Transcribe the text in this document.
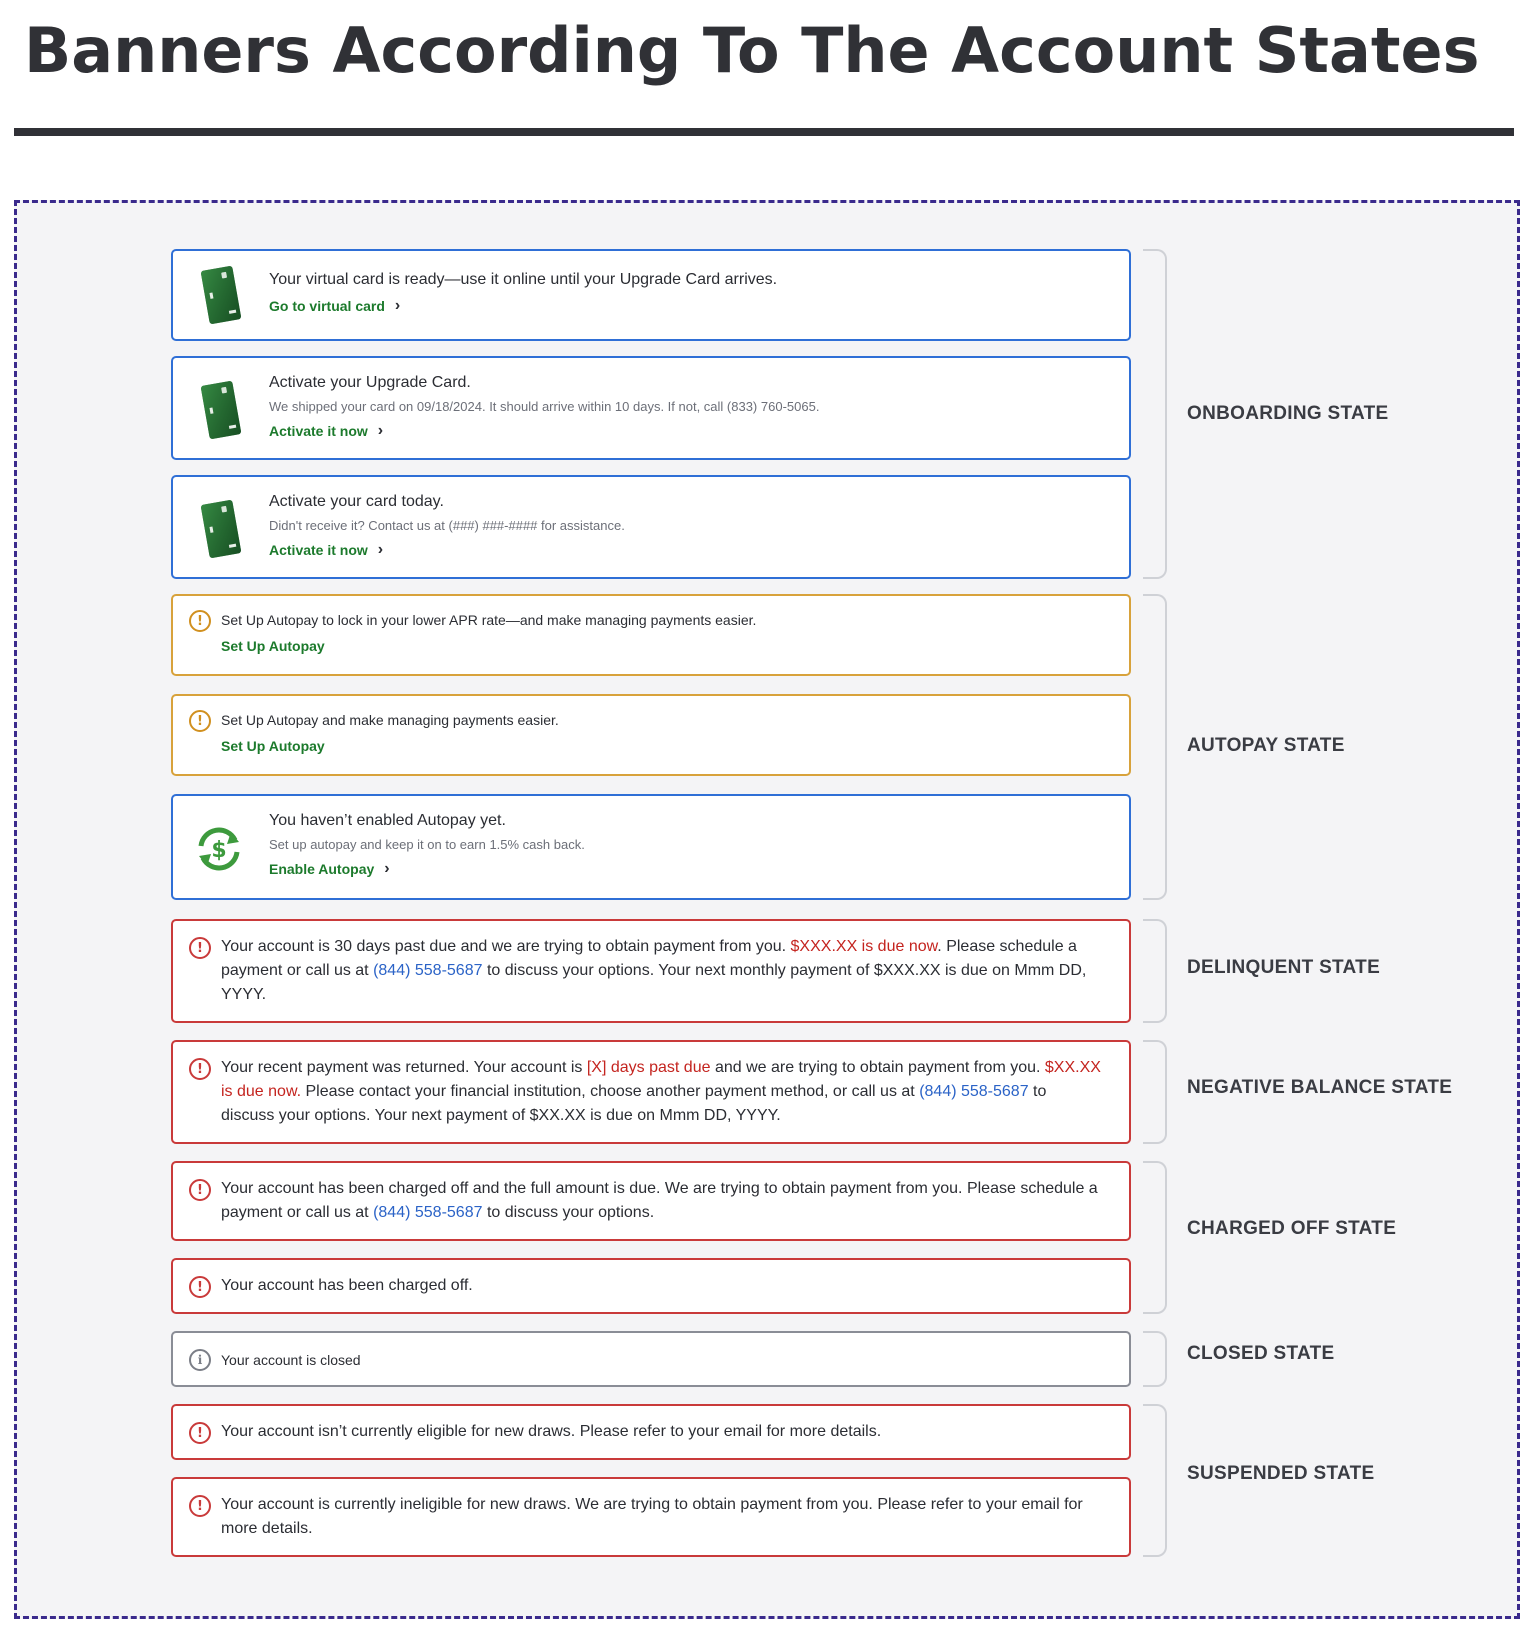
Banners According To The Account States
Your virtual card is ready—use it online until your Upgrade Card arrives.
Go to virtual card ›
Activate your Upgrade Card.
We shipped your card on 09/18/2024. It should arrive within 10 days. If not, call (833) 760-5065.
Activate it now ›
Activate your card today.
Didn't receive it? Contact us at (###) ###-#### for assistance.
Activate it now ›
ONBOARDING STATE
!	Set Up Autopay to lock in your lower APR rate—and make managing payments easier.
Set Up Autopay
!	Set Up Autopay and make managing payments easier.
Set Up Autopay
$
You haven’t enabled Autopay yet.
Set up autopay and keep it on to earn 1.5% cash back.
Enable Autopay ›
AUTOPAY STATE
!	Your account is 30 days past due and we are trying to obtain payment from you. $XXX.XX is due now. Please schedule a payment or call us at (844) 558-5687 to discuss your options. Your next monthly payment of $XXX.XX is due on Mmm DD, YYYY.
DELINQUENT STATE
!	Your recent payment was returned. Your account is [X] days past due and we are trying to obtain payment from you. $XX.XX is due now. Please contact your financial institution, choose another payment method, or call us at (844) 558-5687 to discuss your options. Your next payment of $XX.XX is due on Mmm DD, YYYY.
NEGATIVE BALANCE STATE
!	Your account has been charged off and the full amount is due. We are trying to obtain payment from you. Please schedule a payment or call us at (844) 558-5687 to discuss your options.
!	Your account has been charged off.
CHARGED OFF STATE
i	Your account is closed	CLOSED STATE
!	Your account isn’t currently eligible for new draws. Please refer to your email for more details.
!	Your account is currently ineligible for new draws. We are trying to obtain payment from you. Please refer to your email for more details.
SUSPENDED STATE
